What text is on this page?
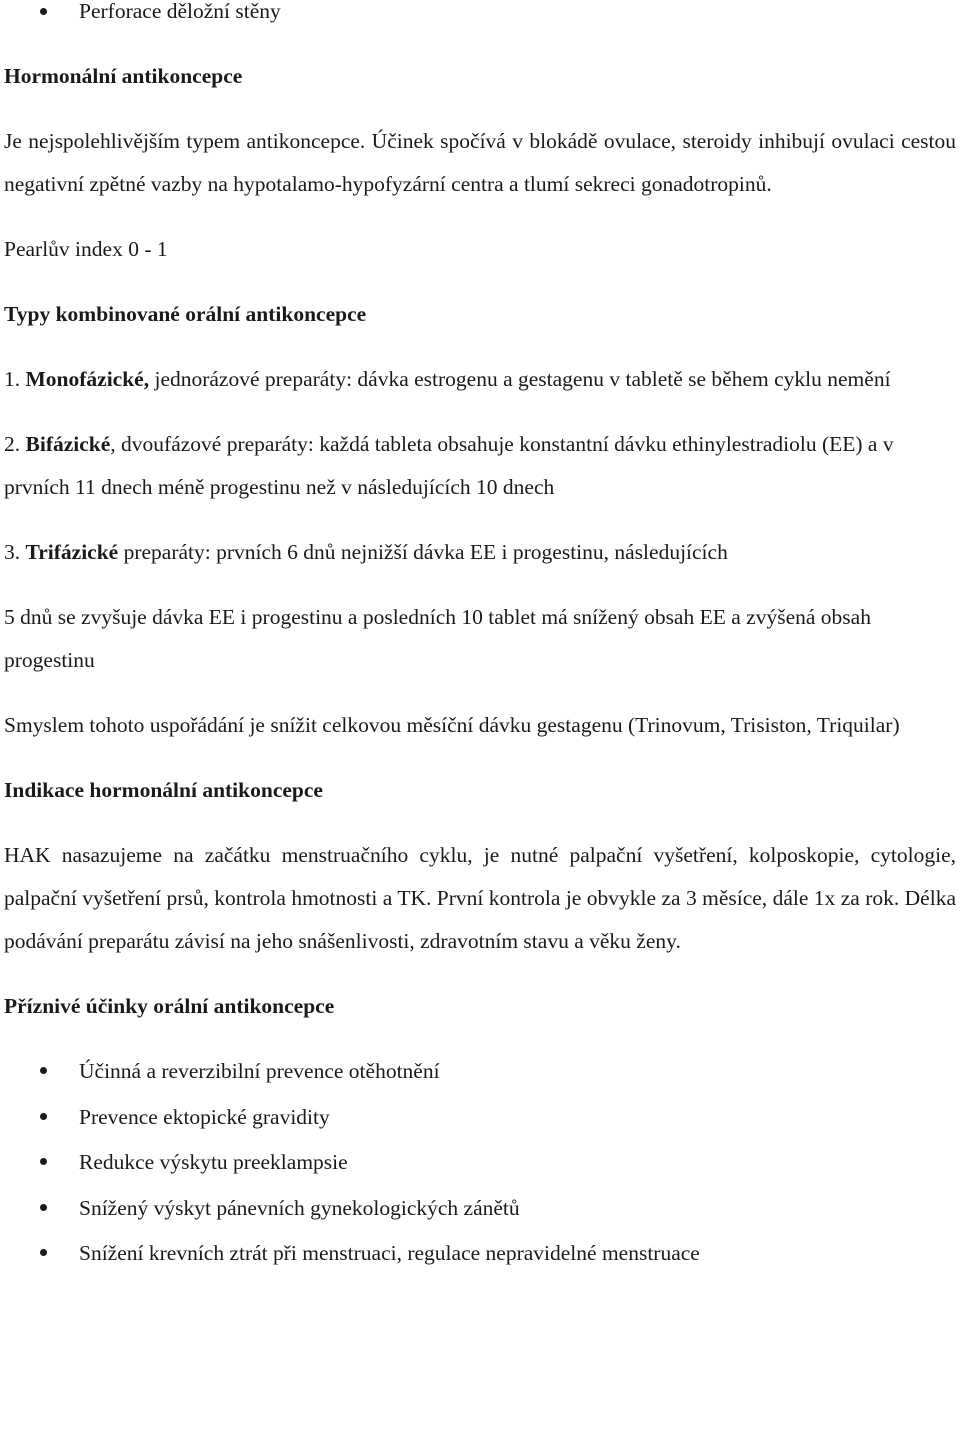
Perforace děložní stěny

Hormonální antikoncepce

Je nejspolehlivějším typem antikoncepce. Účinek spočívá v blokádě ovulace, steroidy inhibují ovulaci cestou negativní zpětné vazby na hypotalamo-hypofyzární centra a tlumí sekreci gonadotropinů.

Pearlův index 0 - 1

Typy kombinované orální antikoncepce

1. Monofázické, jednorázové preparáty: dávka estrogenu a gestagenu v tabletě se během cyklu nemění

2. Bifázické, dvoufázové preparáty: každá tableta obsahuje konstantní dávku ethinylestradiolu (EE) a v prvních 11 dnech méně progestinu než v následujících 10 dnech

3. Trifázické preparáty: prvních 6 dnů nejnižší dávka EE i progestinu, následujících

5 dnů se zvyšuje dávka EE i progestinu a posledních 10 tablet má snížený obsah EE a zvýšená obsah progestinu

Smyslem tohoto uspořádání je snížit celkovou měsíční dávku gestagenu (Trinovum, Trisiston, Triquilar)

Indikace hormonální antikoncepce

HAK nasazujeme na začátku menstruačního cyklu, je nutné palpační vyšetření, kolposkopie, cytologie, palpační vyšetření prsů, kontrola hmotnosti a TK. První kontrola je obvykle za 3 měsíce, dále 1x za rok. Délka podávání preparátu závisí na jeho snášenlivosti, zdravotním stavu a věku ženy.

Příznivé účinky orální antikoncepce

Účinná a reverzibilní prevence otěhotnění
Prevence ektopické gravidity
Redukce výskytu preeklampsie
Snížený výskyt pánevních gynekologických zánětů
Snížení krevních ztrát při menstruaci, regulace nepravidelné menstruace
